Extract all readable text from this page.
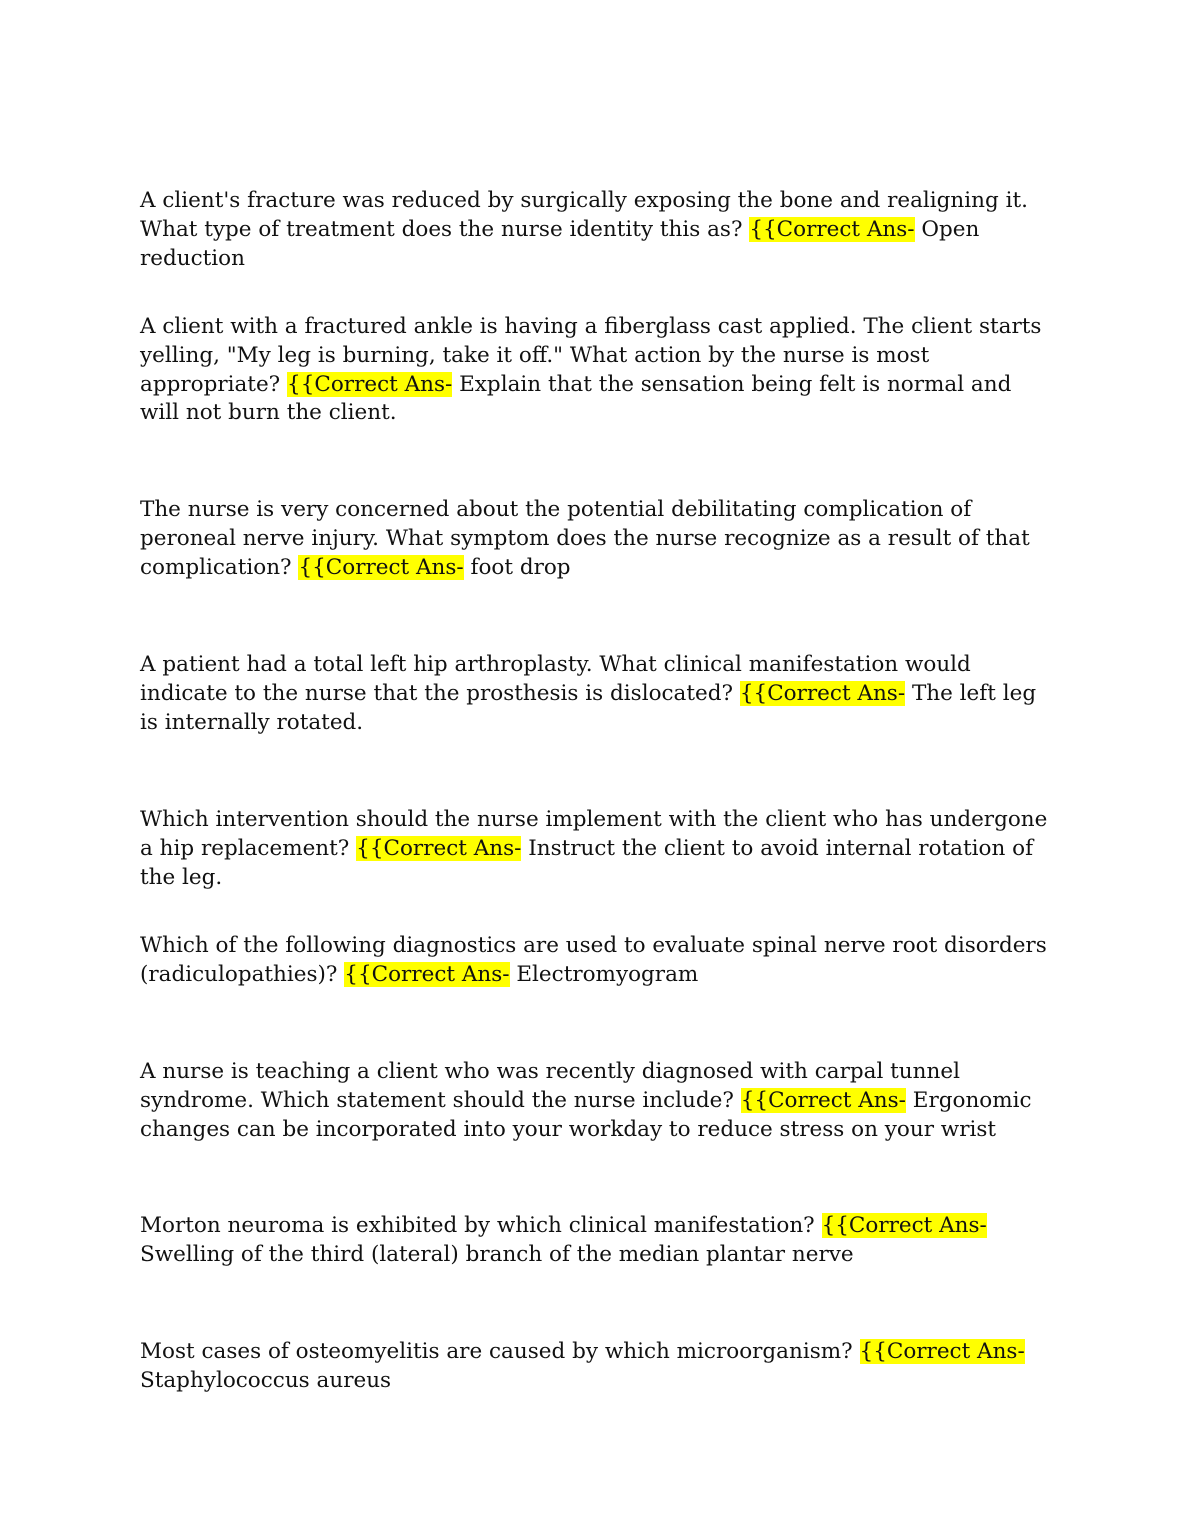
A client's fracture was reduced by surgically exposing the bone and realigning it. What type of treatment does the nurse identity this as? {{Correct Ans- Open reduction

A client with a fractured ankle is having a fiberglass cast applied. The client starts yelling, "My leg is burning, take it off." What action by the nurse is most appropriate? {{Correct Ans- Explain that the sensation being felt is normal and will not burn the client.

The nurse is very concerned about the potential debilitating complication of peroneal nerve injury. What symptom does the nurse recognize as a result of that complication? {{Correct Ans- foot drop

A patient had a total left hip arthroplasty. What clinical manifestation would indicate to the nurse that the prosthesis is dislocated? {{Correct Ans- The left leg is internally rotated.

Which intervention should the nurse implement with the client who has undergone a hip replacement? {{Correct Ans- Instruct the client to avoid internal rotation of the leg.

Which of the following diagnostics are used to evaluate spinal nerve root disorders (radiculopathies)? {{Correct Ans- Electromyogram

A nurse is teaching a client who was recently diagnosed with carpal tunnel syndrome. Which statement should the nurse include? {{Correct Ans- Ergonomic changes can be incorporated into your workday to reduce stress on your wrist

Morton neuroma is exhibited by which clinical manifestation? {{Correct Ans- Swelling of the third (lateral) branch of the median plantar nerve

Most cases of osteomyelitis are caused by which microorganism? {{Correct Ans- Staphylococcus aureus
